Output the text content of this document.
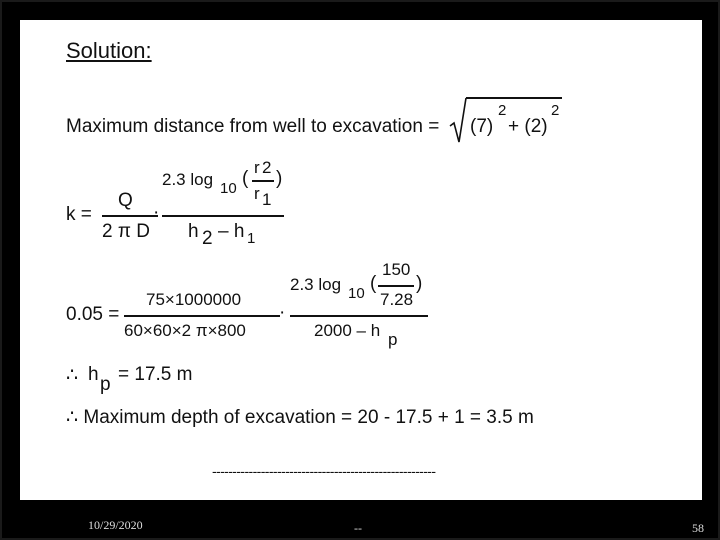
Solution:
Maximum distance from well to excavation = (7)
2
+ (2)
2
k =
Q
2 π D
·
2.3 log 10 (
r 2
r 1
)
h 2 – h 1
0.05 =
75×1000000
60×60×2 π×800
·
2.3 log 10 (
150
7.28
)
2000 – h p
∴ h p = 17.5 m
∴ Maximum depth of excavation = 20 - 17.5 + 1 = 3.5 m
-------------------------------------------------------
10/29/2020	--	58
